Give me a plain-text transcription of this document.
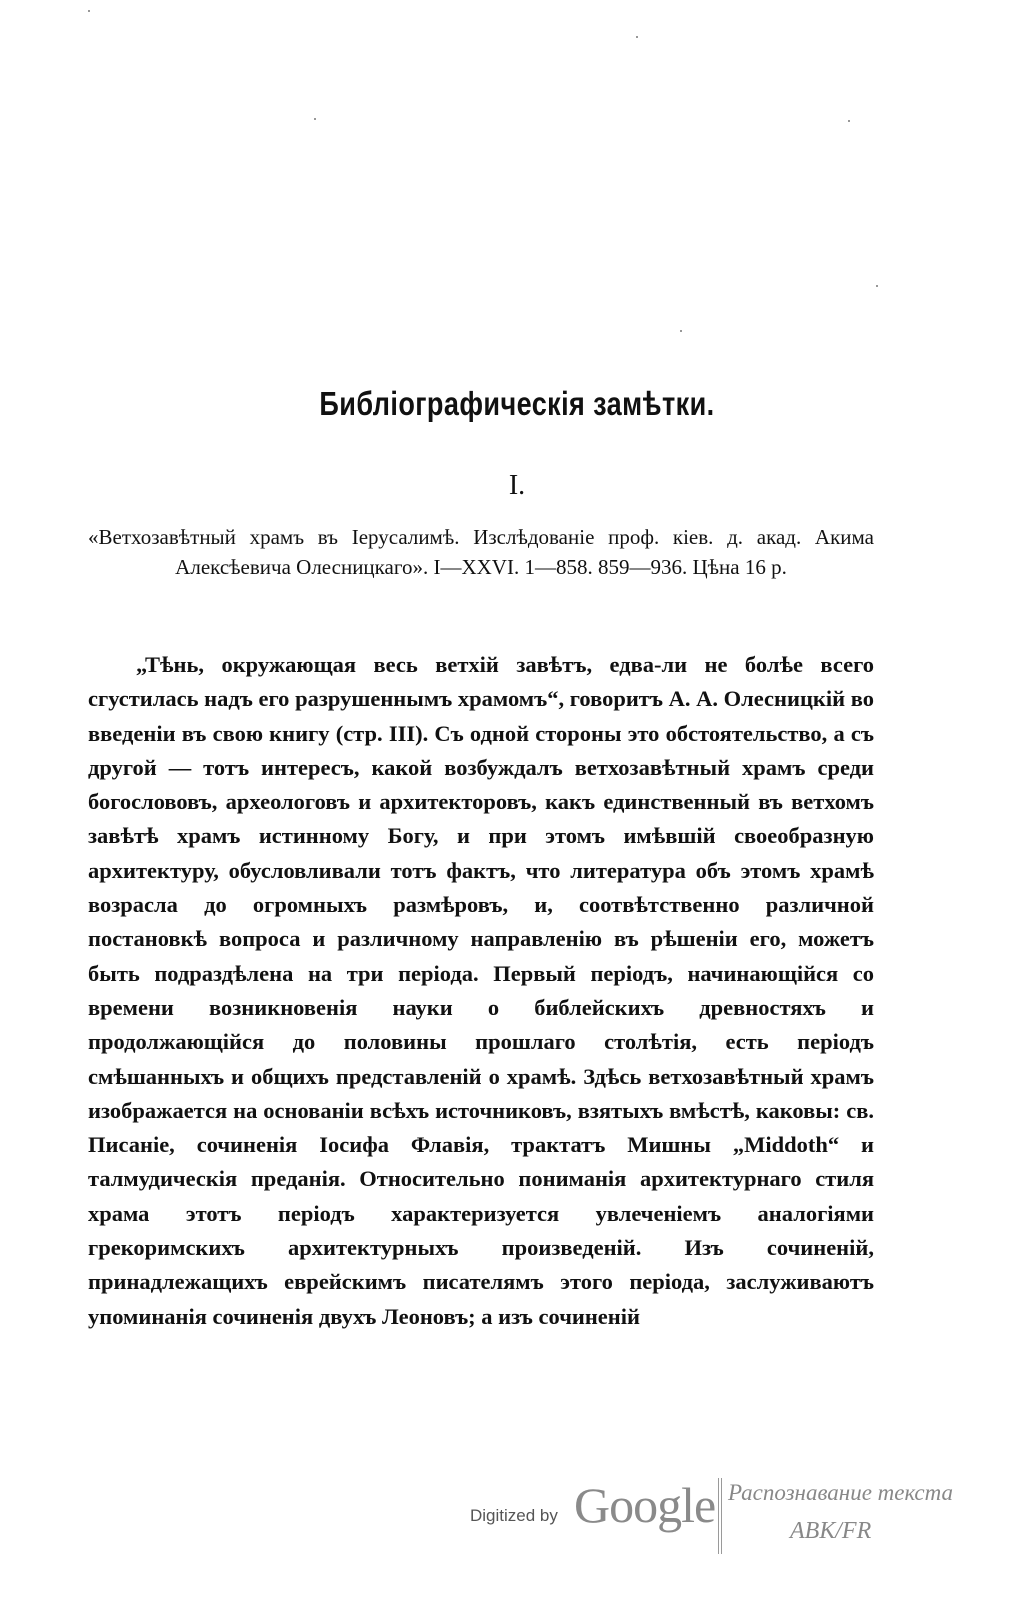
Библіографическія замѣтки.
I.

«Ветхозавѣтный храмъ въ Іерусалимѣ. Изслѣдованіе проф. кіев. д. акад. Акима Алексѣевича Олесницкаго». I—XXVI. 1—858. 859—936. Цѣна 16 р.

„Тѣнь, окружающая весь ветхій завѣтъ, едва-ли не болѣе всего сгустилась надъ его разрушеннымъ храмомъ“, говоритъ А. А. Олесницкій во введеніи въ свою книгу (стр. III). Съ одной стороны это обстоятельство, а съ другой — тотъ интересъ, какой возбуждалъ ветхозавѣтный храмъ среди богослововъ, археологовъ и архитекторовъ, какъ единственный въ ветхомъ завѣтѣ храмъ истинному Богу, и при этомъ имѣвшій своеобразную архитектуру, обусловливали тотъ фактъ, что литература объ этомъ храмѣ возрасла до огромныхъ размѣровъ, и, соотвѣтственно различной постановкѣ вопроса и различному направленію въ рѣшеніи его, можетъ быть подраздѣлена на три періода. Первый періодъ, начинающійся со времени возникновенія науки о библейскихъ древностяхъ и продолжающійся до половины прошлаго столѣтія, есть періодъ смѣшанныхъ и общихъ представленій о храмѣ. Здѣсь ветхозавѣтный храмъ изображается на основаніи всѣхъ источниковъ, взятыхъ вмѣстѣ, каковы: св. Писаніе, сочиненія Іосифа Флавія, трактатъ Мишны „Middoth“ и талмудическія преданія. Относительно пониманія архитектурнаго стиля храма этотъ періодъ характеризуется увлеченіемъ аналогіями грекоримскихъ архитектурныхъ произведеній. Изъ сочиненій, принадлежащихъ еврейскимъ писателямъ этого періода, заслуживаютъ упоминанія сочиненія двухъ Леоновъ; а изъ сочиненій

Digitized by Google Распознавание текста
АВК/FR
